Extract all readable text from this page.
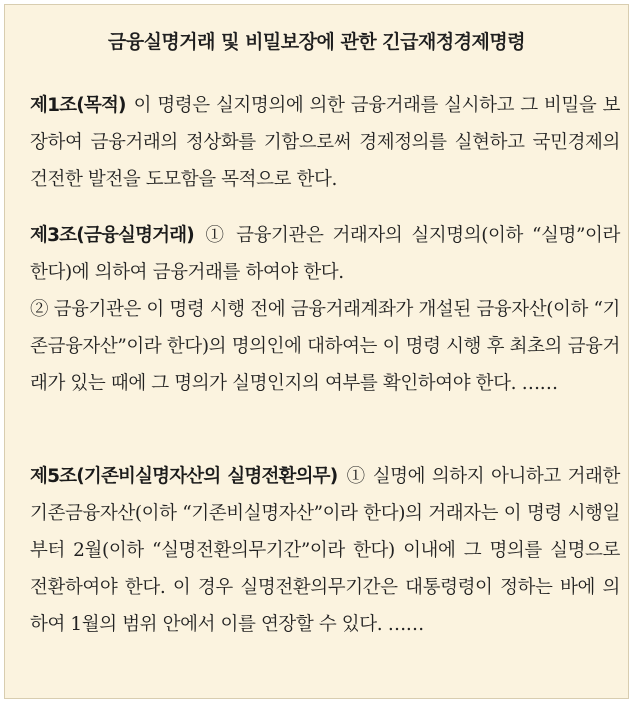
금융실명거래 및 비밀보장에 관한 긴급재정경제명령
제1조(목적) 이 명령은 실지명의에 의한 금융거래를 실시하고 그 비밀을 보장하여 금융거래의 정상화를 기함으로써 경제정의를 실현하고 국민경제의 건전한 발전을 도모함을 목적으로 한다.
제3조(금융실명거래) ① 금융기관은 거래자의 실지명의(이하 “실명”이라 한다)에 의하여 금융거래를 하여야 한다.
② 금융기관은 이 명령 시행 전에 금융거래계좌가 개설된 금융자산(이하 “기존금융자산”이라 한다)의 명의인에 대하여는 이 명령 시행 후 최초의 금융거래가 있는 때에 그 명의가 실명인지의 여부를 확인하여야 한다. ……
제5조(기존비실명자산의 실명전환의무) ① 실명에 의하지 아니하고 거래한 기존금융자산(이하 “기존비실명자산”이라 한다)의 거래자는 이 명령 시행일부터 2월(이하 “실명전환의무기간”이라 한다) 이내에 그 명의를 실명으로 전환하여야 한다. 이 경우 실명전환의무기간은 대통령령이 정하는 바에 의하여 1월의 범위 안에서 이를 연장할 수 있다. ……
